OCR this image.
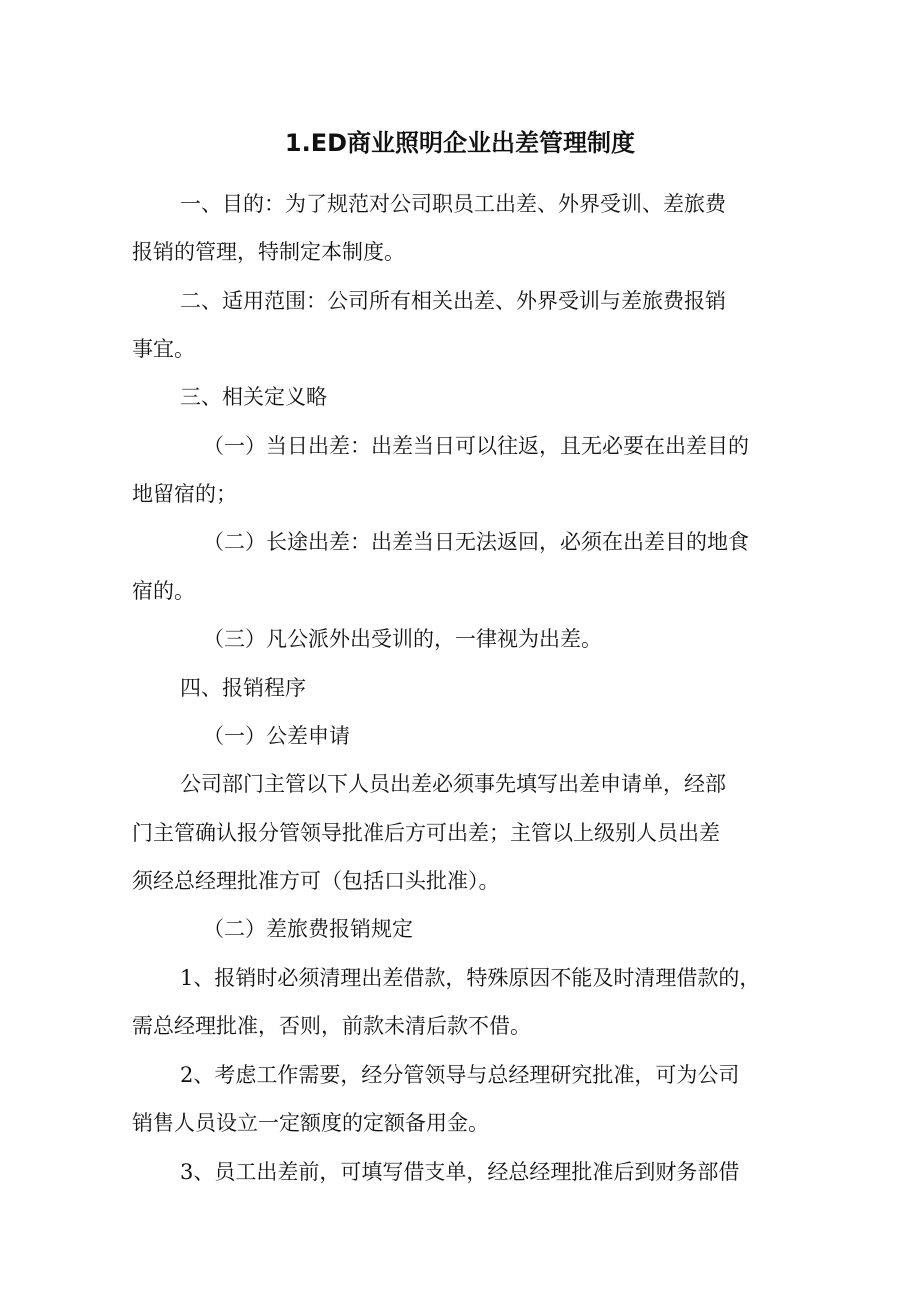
1.ED商业照明企业出差管理制度
一、目的：为了规范对公司职员工出差、外界受训、差旅费
报销的管理，特制定本制度。
二、适用范围：公司所有相关出差、外界受训与差旅费报销
事宜。
三、相关定义略
（一）当日出差：出差当日可以往返，且无必要在出差目的
地留宿的；
（二）长途出差：出差当日无法返回，必须在出差目的地食
宿的。
（三）凡公派外出受训的，一律视为出差。
四、报销程序
（一）公差申请
公司部门主管以下人员出差必须事先填写出差申请单，经部
门主管确认报分管领导批准后方可出差；主管以上级别人员出差
须经总经理批准方可（包括口头批准）。
（二）差旅费报销规定
1、报销时必须清理出差借款，特殊原因不能及时清理借款的，
需总经理批准，否则，前款未清后款不借。
2、考虑工作需要，经分管领导与总经理研究批准，可为公司
销售人员设立一定额度的定额备用金。
3、员工出差前，可填写借支单，经总经理批准后到财务部借
